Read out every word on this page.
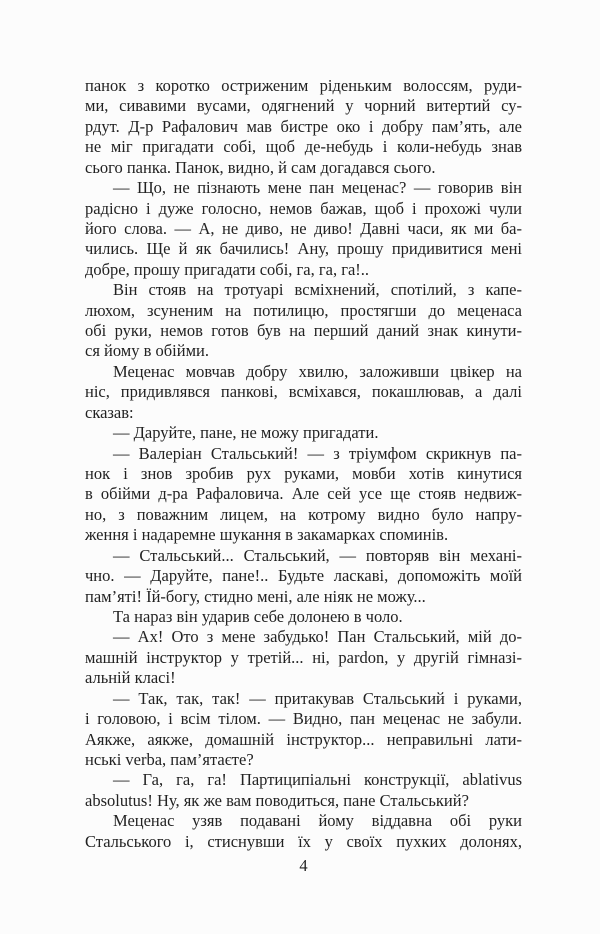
панок з коротко остриженим ріденьким волоссям, руди-
ми, сивавими вусами, одягнений у чорний витертий су-
рдут. Д-р Рафалович мав бистре око і добру пам’ять, але
не міг пригадати собі, щоб де-небудь і коли-небудь знав
сього панка. Панок, видно, й сам догадався сього.
— Що, не пізнають мене пан меценас? — говорив він
радісно і дуже голосно, немов бажав, щоб і прохожі чули
його слова. — А, не диво, не диво! Давні часи, як ми ба-
чились. Ще й як бачились! Ану, прошу придивитися мені
добре, прошу пригадати собі, га, га, га!..
Він стояв на тротуарі всміхнений, спотілий, з капе-
люхом, зсуненим на потилицю, простягши до меценаса
обі руки, немов готов був на перший даний знак кинути-
ся йому в обійми.
Меценас мовчав добру хвилю, заложивши цвікер на
ніс, придивлявся панкові, всміхався, покашлював, а далі
сказав:
— Даруйте, пане, не можу пригадати.
— Валеріан Стальський! — з тріумфом скрикнув па-
нок і знов зробив рух руками, мовби хотів кинутися
в обійми д-ра Рафаловича. Але сей усе ще стояв недвиж-
но, з поважним лицем, на котрому видно було напру-
ження і надаремне шукання в закамарках споминів.
— Стальський... Стальський, — повторяв він механі-
чно. — Даруйте, пане!.. Будьте ласкаві, допоможіть моїй
пам’яті! Їй-богу, стидно мені, але ніяк не можу...
Та нараз він ударив себе долонею в чоло.
— Ах! Ото з мене забудько! Пан Стальський, мій до-
машній інструктор у третій... ні, pardon, у другій гімназі-
альній класі!
— Так, так, так! — притакував Стальський і руками,
і головою, і всім тілом. — Видно, пан меценас не забули.
Аякже, аякже, домашній інструктор... неправильні лати-
нські verba, пам’ятаєте?
— Га, га, га! Партиципіальні конструкції, ablativus
absolutus! Ну, як же вам поводиться, пане Стальський?
Меценас узяв подавані йому віддавна обі руки
Стальського і, стиснувши їх у своїх пухких долонях,
4
